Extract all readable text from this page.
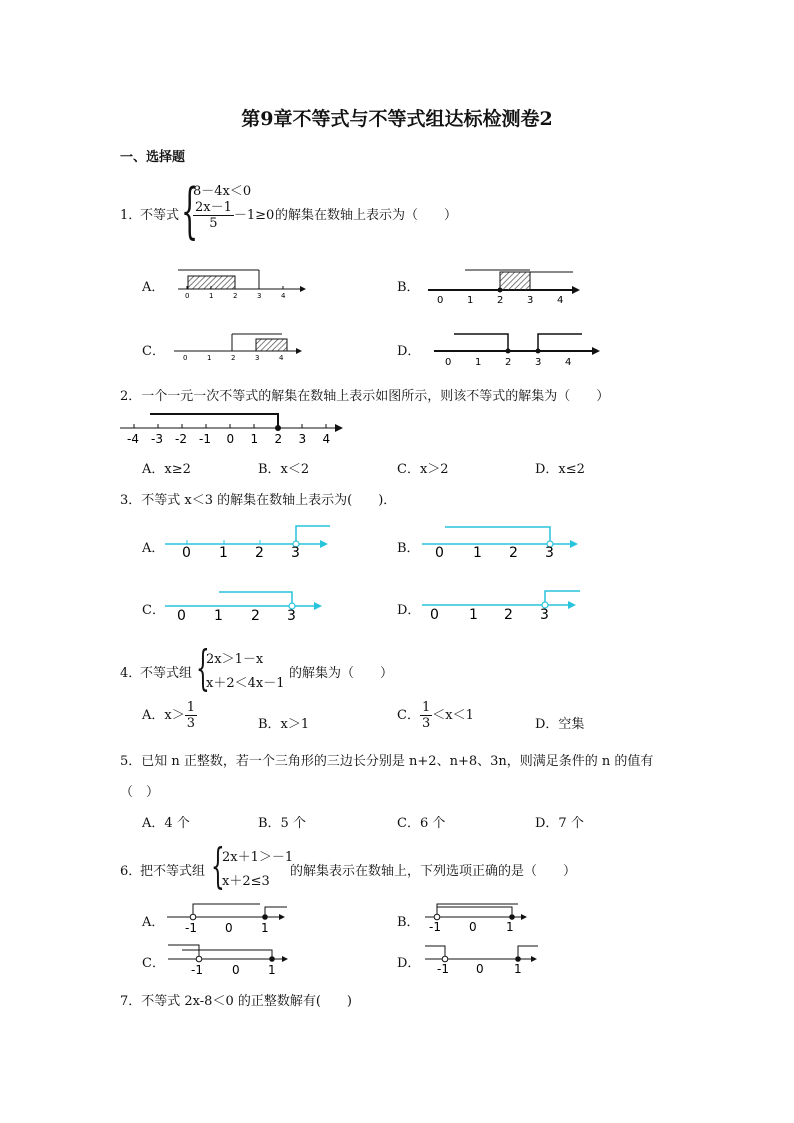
第9章不等式与不等式组达标检测卷2
一、选择题
1．
不等式 {
8－4x＜0
$\frac{2x-1}{5} -1\ge 0$ 的解集在数轴上表示为（　　）
A．	B．
C．	D．
0	1	2	3	4	0 1 2 3 4
0	1	2	3	4	0 1 2 3 4
-4 -3 -2 -1 0 1 2 3 4
0 1 2 3	0 1 2 3
0 1 2 3	0 1 2 3
-1 0 1	-1 0 1
-1 0 1	-1 0	1
2．一个一元一次不等式的解集在数轴上表示如图所示，则该不等式的解集为（　　）
A．x≥2	B．x＜2	C．x＞2	D．x≤2
3．不等式 x＜3 的解集在数轴上表示为(　　)．
A．	B．
C．	D．
4．
不等式组 {
2x＞1－x
x＋2＜4x－1
的解集为（　　）
A．$x> \frac{1}{3}$	B．x＞1
C． $\frac{1}{3} <x<1$
D．空集
5．已知 n 正整数，若一个三角形的三边长分别是 n+2、n+8、3n，则满足条件的 n 的值有
（　）
A．4 个	B．5 个	C．6 个	D．7 个
6．
把不等式组 {
2x＋1＞－1
x＋2≤3
的解集表示在数轴上，下列选项正确的是（　　）
A．	B．
C．	D．
7．不等式 2x-8＜0 的正整数解有(　　)
